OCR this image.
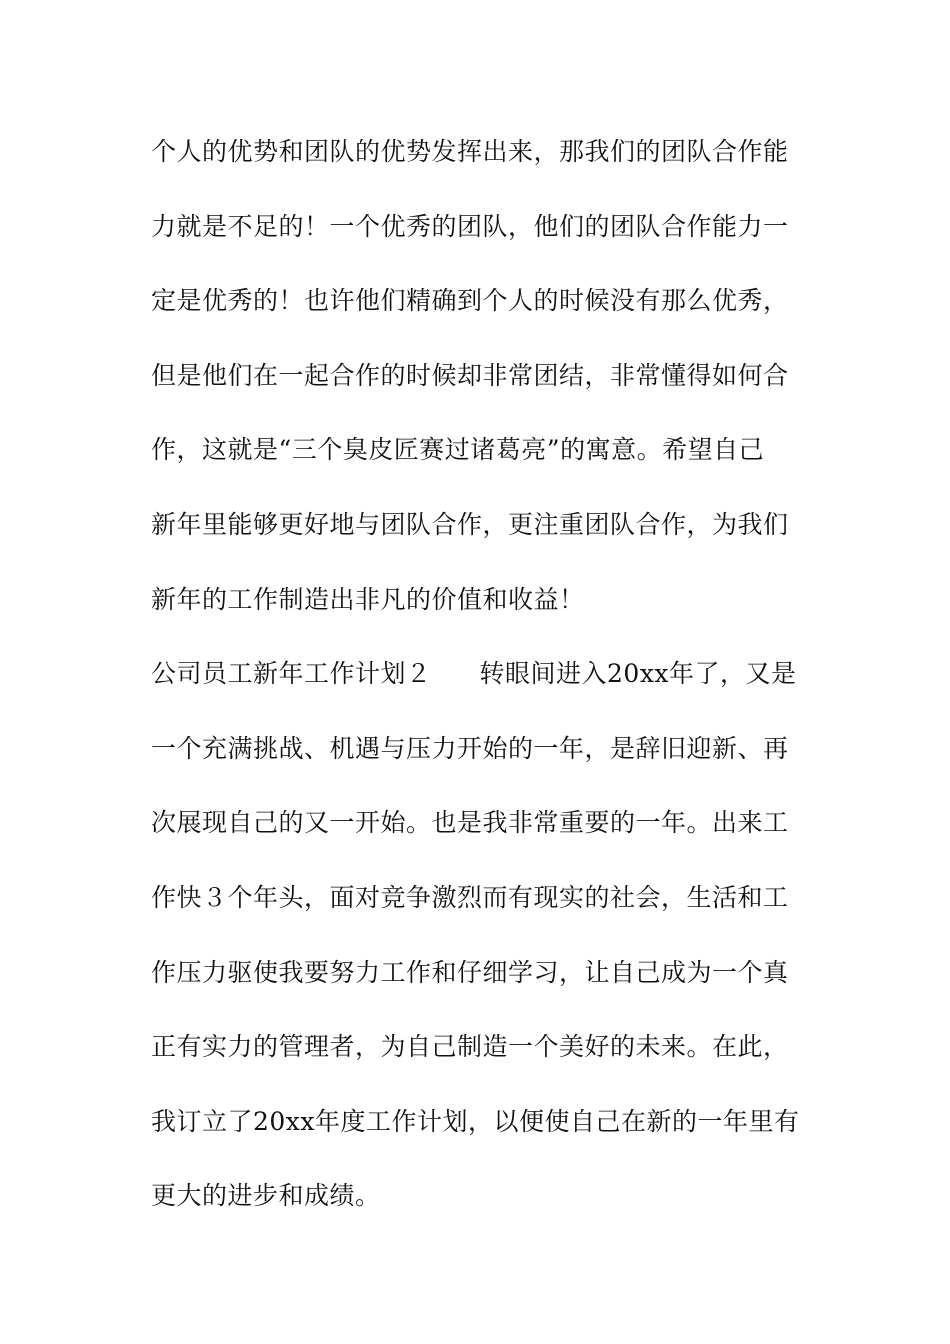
个人的优势和团队的优势发挥出来，那我们的团队合作能
力就是不足的！一个优秀的团队，他们的团队合作能力一
定是优秀的！也许他们精确到个人的时候没有那么优秀，
但是他们在一起合作的时候却非常团结，非常懂得如何合
作，这就是“三个臭皮匠赛过诸葛亮”的寓意。希望自己
新年里能够更好地与团队合作，更注重团队合作，为我们
新年的工作制造出非凡的价值和收益！
公司员工新年工作计划２ 转眼间进入20xx年了，又是
一个充满挑战、机遇与压力开始的一年，是辞旧迎新、再
次展现自己的又一开始。也是我非常重要的一年。出来工
作快３个年头，面对竞争激烈而有现实的社会，生活和工
作压力驱使我要努力工作和仔细学习，让自己成为一个真
正有实力的管理者，为自己制造一个美好的未来。在此，
我订立了20xx年度工作计划，以便使自己在新的一年里有
更大的进步和成绩。
